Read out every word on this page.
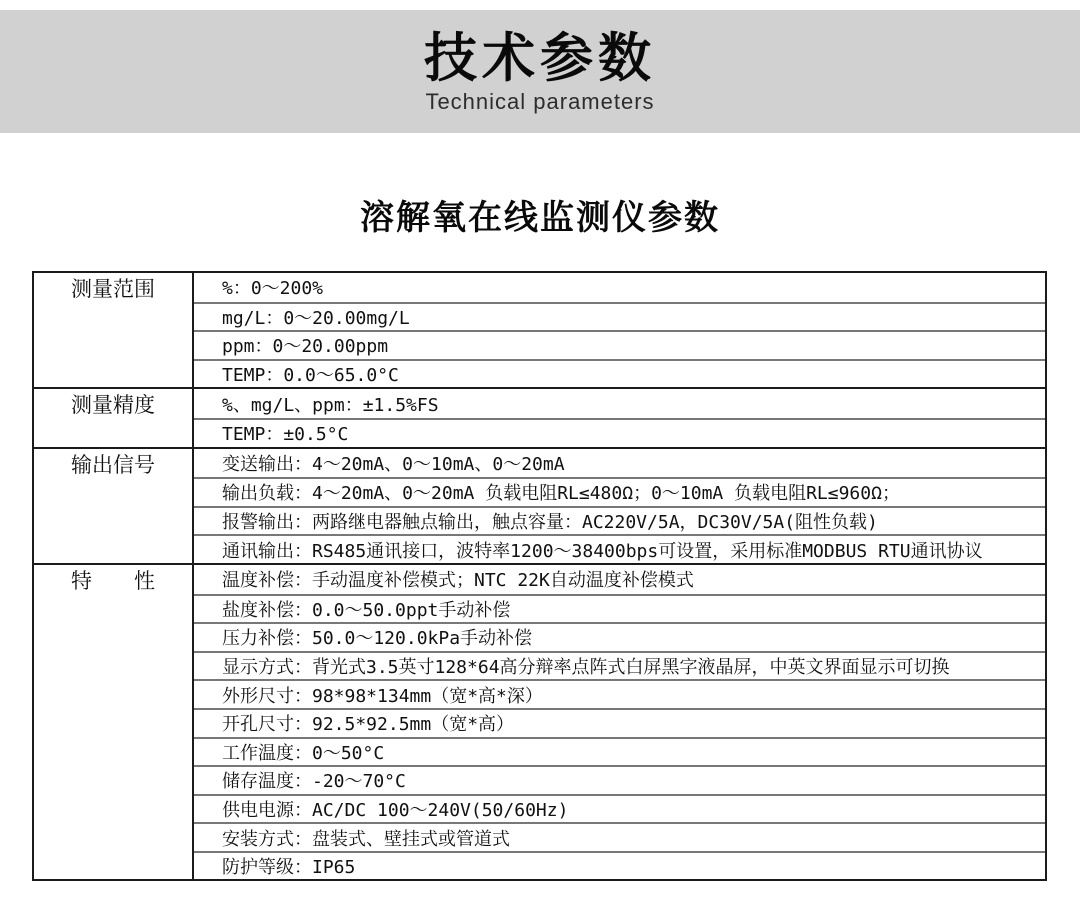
技术参数
Technical parameters
溶解氧在线监测仪参数
测量范围	%：0～200%
mg/L：0～20.00mg/L
ppm：0～20.00ppm
TEMP：0.0～65.0°C
测量精度	%、mg/L、ppm：±1.5%FS
TEMP：±0.5°C
输出信号	变送输出：4～20mA、0～10mA、0～20mA
输出负载：4～20mA、0～20mA 负载电阻RL≤480Ω；0～10mA 负载电阻RL≤960Ω；
报警输出：两路继电器触点输出，触点容量：AC220V/5A，DC30V/5A(阻性负载)
通讯输出：RS485通讯接口，波特率1200～38400bps可设置，采用标准MODBUS RTU通讯协议
特　　性	温度补偿：手动温度补偿模式；NTC 22K自动温度补偿模式
盐度补偿：0.0～50.0ppt手动补偿
压力补偿：50.0～120.0kPa手动补偿
显示方式：背光式3.5英寸128*64高分辩率点阵式白屏黑字液晶屏，中英文界面显示可切换
外形尺寸：98*98*134mm（宽*高*深）
开孔尺寸：92.5*92.5mm（宽*高）
工作温度：0～50°C
储存温度：-20～70°C
供电电源：AC/DC 100～240V(50/60Hz)
安装方式：盘装式、壁挂式或管道式
防护等级：IP65
